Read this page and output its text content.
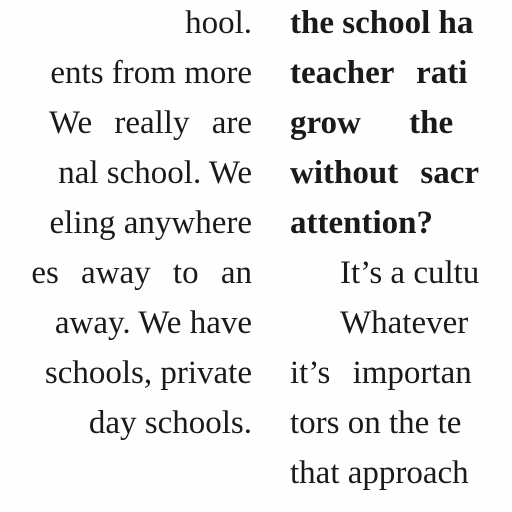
hool.
ents from more
We really are
nal school. We
eling anywhere
es away to an
away. We have
schools, private
day schools.
the school ha
teacher rati
grow the
without sacr
attention?
It’s a cultu
Whatever
it’s importan
tors on the te
that approach
